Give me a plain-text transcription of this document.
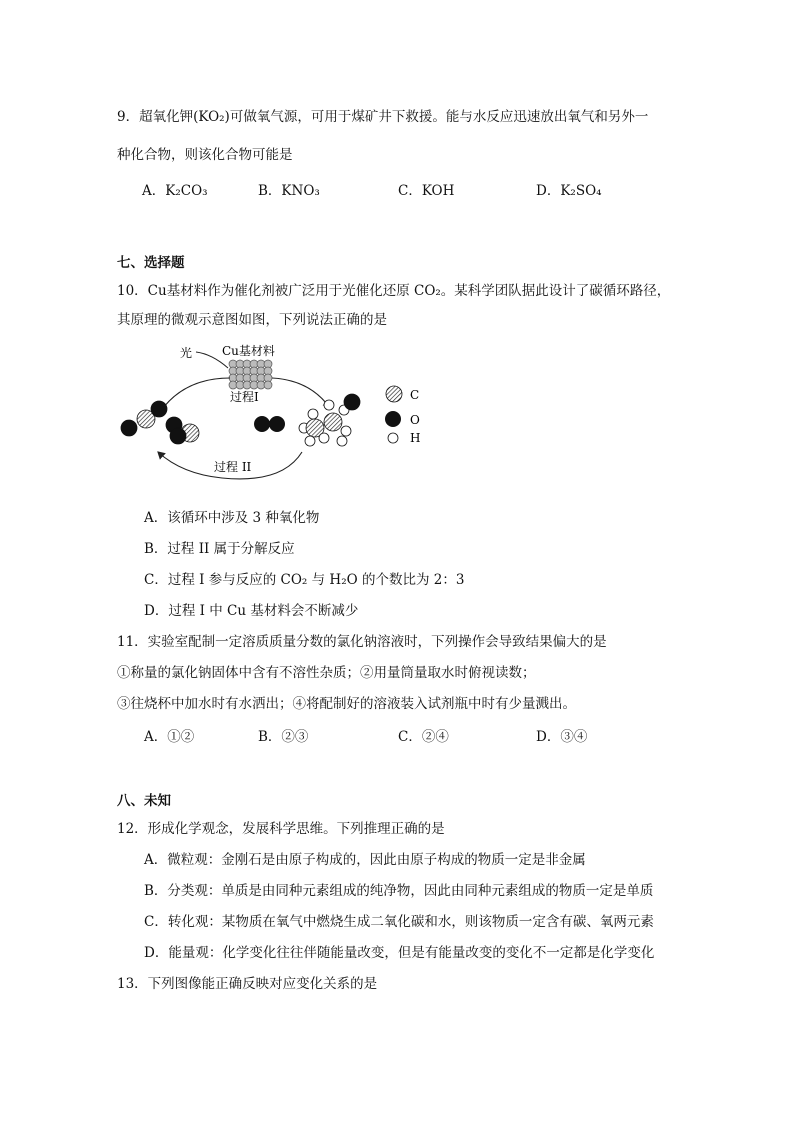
9．超氧化钾(KO₂)可做氧气源，可用于煤矿井下救援。能与水反应迅速放出氧气和另外一
种化合物，则该化合物可能是
A．K₂CO₃	B．KNO₃	C．KOH	D．K₂SO₄
七、选择题
10．Cu基材料作为催化剂被广泛用于光催化还原 CO₂。某科学团队据此设计了碳循环路径，
其原理的微观示意图如图，下列说法正确的是
光 Cu基材料
过程Ⅰ
过程 II
C
O
H
A．该循环中涉及 3 种氧化物
B．过程 II 属于分解反应
C．过程 I 参与反应的 CO₂ 与 H₂O 的个数比为 2：3
D．过程 I 中 Cu 基材料会不断减少
11．实验室配制一定溶质质量分数的氯化钠溶液时，下列操作会导致结果偏大的是
①称量的氯化钠固体中含有不溶性杂质；②用量筒量取水时俯视读数；
③往烧杯中加水时有水洒出；④将配制好的溶液装入试剂瓶中时有少量溅出。
A．①②	B．②③	C．②④	D．③④
八、未知
12．形成化学观念，发展科学思维。下列推理正确的是
A．微粒观：金刚石是由原子构成的，因此由原子构成的物质一定是非金属
B．分类观：单质是由同种元素组成的纯净物，因此由同种元素组成的物质一定是单质
C．转化观：某物质在氧气中燃烧生成二氧化碳和水，则该物质一定含有碳、氧两元素
D．能量观：化学变化往往伴随能量改变，但是有能量改变的变化不一定都是化学变化
13．下列图像能正确反映对应变化关系的是
